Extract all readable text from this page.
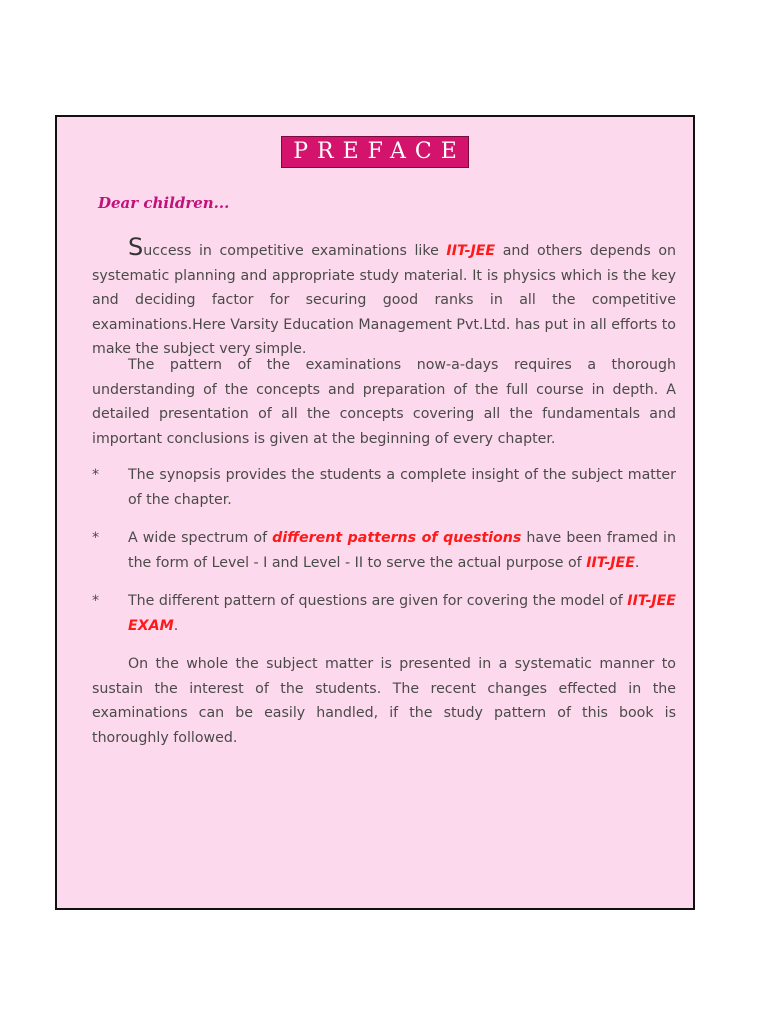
PREFACE
Dear children...

Success in competitive examinations like IIT-JEE and others depends on systematic planning and appropriate study material. It is physics which is the key and deciding factor for securing good ranks in all the competitive examinations.Here Varsity Education Management Pvt.Ltd. has put in all efforts to make the subject very simple.

The pattern of the examinations now-a-days requires a thorough understanding of the concepts and preparation of the full course in depth. A detailed presentation of all the concepts covering all the fundamentals and important conclusions is given at the beginning of every chapter.

*	The synopsis provides the students a complete insight of the subject matter of the chapter.

*	A wide spectrum of different patterns of questions have been framed in the form of Level - I and Level - II to serve the actual purpose of IIT-JEE.

*	The different pattern of questions are given for covering the model of IIT-JEE EXAM.

On the whole the subject matter is presented in a systematic manner to sustain the interest of the students. The recent changes effected in the examinations can be easily handled, if the study pattern of this book is thoroughly followed.
